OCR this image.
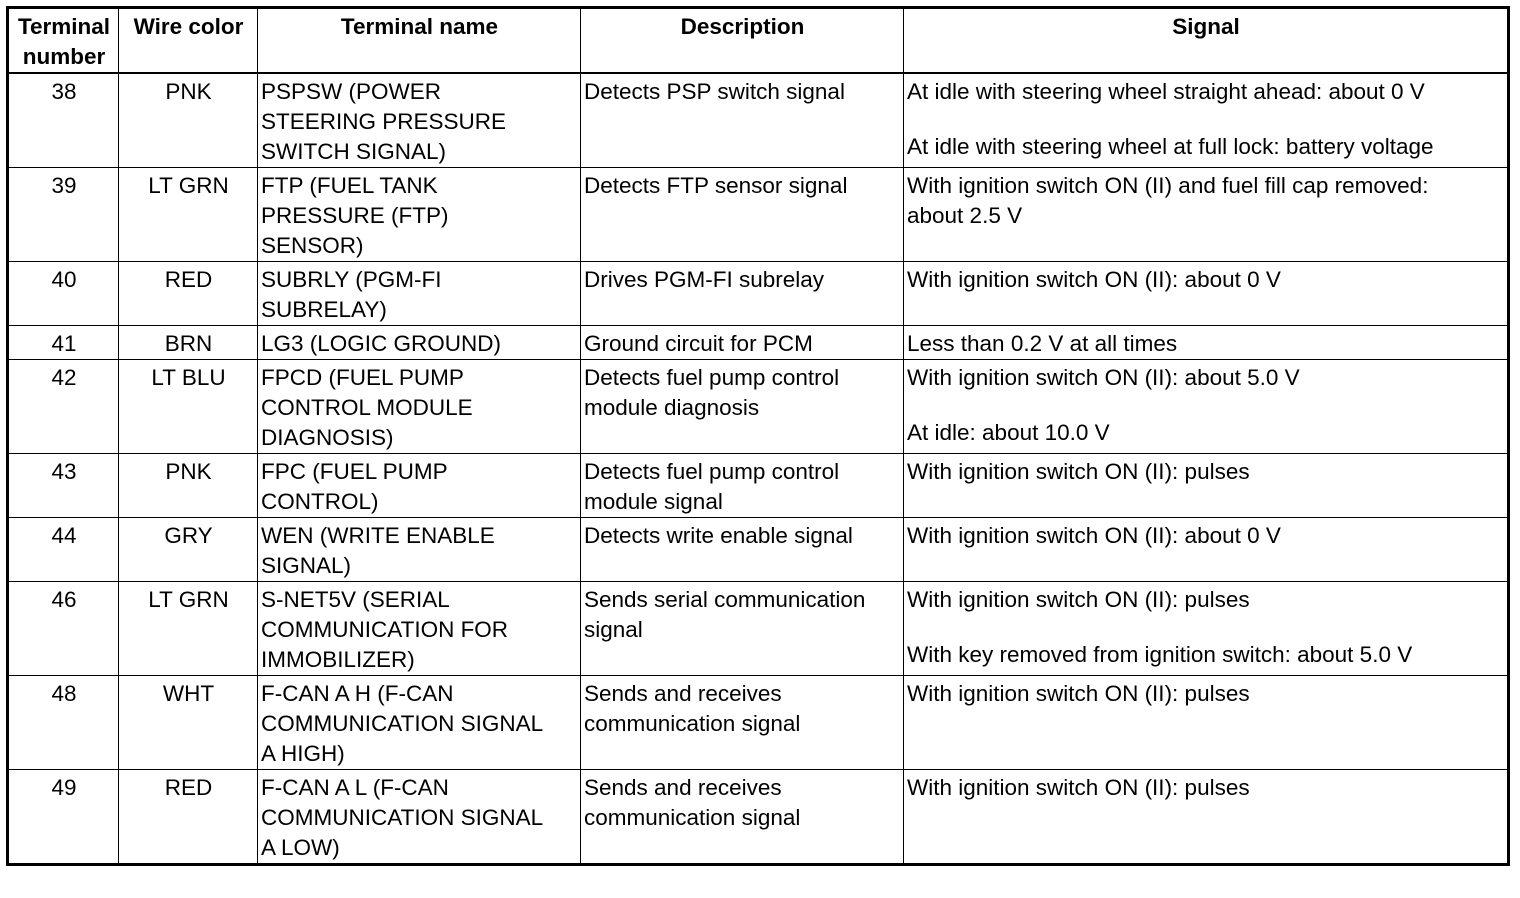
Terminal
number	Wire color	Terminal name	Description	Signal
38	PNK	PSPSW (POWER
STEERING PRESSURE
SWITCH SIGNAL)	Detects PSP switch signal	At idle with steering wheel straight ahead: about 0 V
At idle with steering wheel at full lock: battery voltage

39	LT GRN	FTP (FUEL TANK
PRESSURE (FTP)
SENSOR)	Detects FTP sensor signal	With ignition switch ON (II) and fuel fill cap removed:
about 2.5 V

40	RED	SUBRLY (PGM-FI
SUBRELAY)	Drives PGM-FI subrelay	With ignition switch ON (II): about 0 V

41	BRN	LG3 (LOGIC GROUND)	Ground circuit for PCM	Less than 0.2 V at all times

42	LT BLU	FPCD (FUEL PUMP
CONTROL MODULE
DIAGNOSIS)	Detects fuel pump control
module diagnosis	With ignition switch ON (II): about 5.0 V
At idle: about 10.0 V

43	PNK	FPC (FUEL PUMP
CONTROL)	Detects fuel pump control
module signal	With ignition switch ON (II): pulses

44	GRY	WEN (WRITE ENABLE
SIGNAL)	Detects write enable signal	With ignition switch ON (II): about 0 V

46	LT GRN	S-NET5V (SERIAL
COMMUNICATION FOR
IMMOBILIZER)	Sends serial communication
signal	With ignition switch ON (II): pulses
With key removed from ignition switch: about 5.0 V

48	WHT	F-CAN A H (F-CAN
COMMUNICATION SIGNAL
A HIGH)	Sends and receives
communication signal	With ignition switch ON (II): pulses

49	RED	F-CAN A L (F-CAN
COMMUNICATION SIGNAL
A LOW)	Sends and receives
communication signal	With ignition switch ON (II): pulses
